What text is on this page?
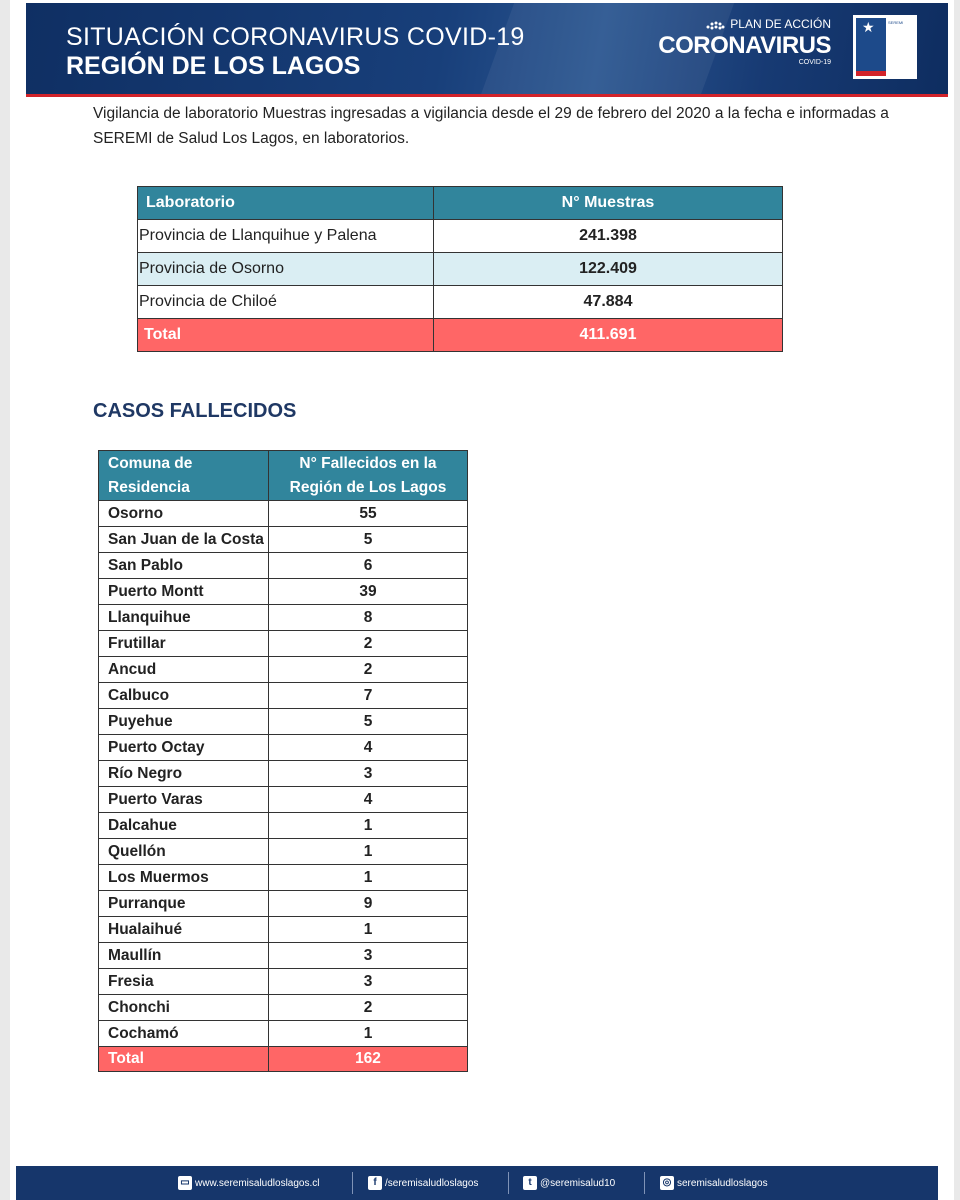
SITUACIÓN CORONAVIRUS COVID-19
REGIÓN DE LOS LAGOS
PLAN DE ACCIÓN
CORONAVIRUS
COVID-19
★	SEREMI

Vigilancia de laboratorio Muestras ingresadas a vigilancia desde el 29 de febrero del 2020 a la fecha e informadas a SEREMI de Salud Los Lagos, en laboratorios.

Laboratorio	N° Muestras
Provincia de Llanquihue y Palena	241.398
Provincia de Osorno	122.409
Provincia de Chiloé	47.884
Total	411.691
CASOS FALLECIDOS
Comuna de
Residencia	N° Fallecidos en la
Región de Los Lagos
Osorno	55
San Juan de la Costa	5
San Pablo	6
Puerto Montt	39
Llanquihue	8
Frutillar	2
Ancud	2
Calbuco	7
Puyehue	5
Puerto Octay	4
Río Negro	3
Puerto Varas	4
Dalcahue	1
Quellón	1
Los Muermos	1
Purranque	9
Hualaihué	1
Maullín	3
Fresia	3
Chonchi	2
Cochamó	1
Total	162
▭ www.seremisaludloslagos.cl	f /seremisaludloslagos	t @seremisalud10	◎ seremisaludloslagos
